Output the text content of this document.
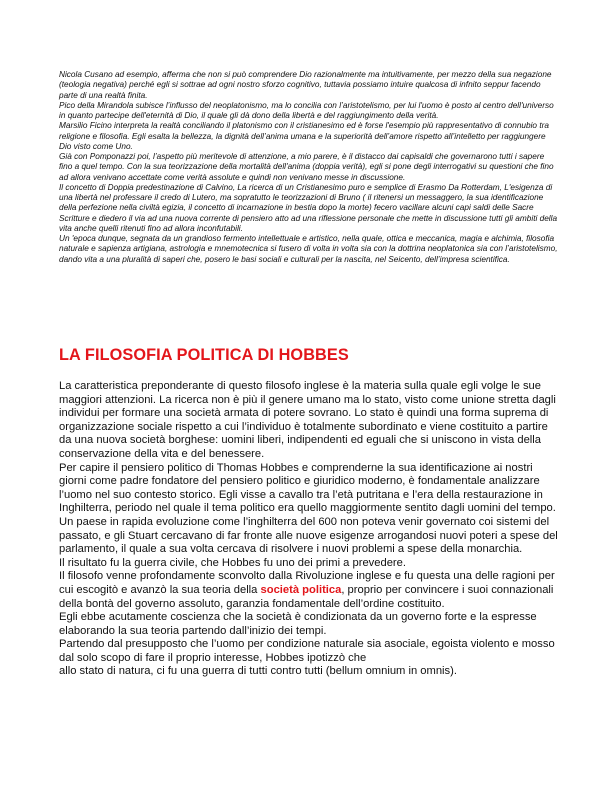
Nicola Cusano ad esempio, afferma che non si può comprendere Dio razionalmente ma intuitivamente, per mezzo della sua negazione (teologia negativa) perché egli si sottrae ad ogni nostro sforzo cognitivo, tuttavia possiamo intuire qualcosa di infnito seppur facendo parte di una realtà finita.

Pico della Mirandola subisce l’influsso del neoplatonismo, ma lo concilia con l’aristotelismo, per lui l'uomo è posto al centro dell'universo in quanto partecipe dell'eternità di Dio, il quale gli dà dono della libertà e del raggiungimento della verità.

Marsilio Ficino interpreta la realtà conciliando il platonismo con il cristianesimo ed è forse l'esempio più rappresentativo di connubio tra religione e filosofia. Egli esalta la bellezza, la dignità dell’anima umana e la superiorità dell’amore rispetto all’intelletto per raggiungere Dio visto come Uno.

Già con Pomponazzi poi, l’aspetto più meritevole di attenzione, a mio parere, è il distacco dai capisaldi che governarono tutti i sapere fino a quel tempo. Con la sua teorizzazione della mortalità dell'anima (doppia verità), egli si pone degli interrogativi su questioni che fino ad allora venivano accettate come verità assolute e quindi non venivano messe in discussione.

Il concetto di Doppia predestinazione di Calvino, La ricerca di un Cristianesimo puro e semplice di Erasmo Da Rotterdam, L'esigenza di una libertà nel professare il credo di Lutero, ma sopratutto le teorizzazioni di Bruno ( il ritenersi un messaggero, la sua identificazione della perfezione nella civiltà egizia, il concetto di incarnazione in bestia dopo la morte) fecero vacillare alcuni capi saldi delle Sacre Scritture e diedero il via ad una nuova corrente di pensiero atto ad una riflessione personale che mette in discussione tutti gli ambiti della vita anche quelli ritenuti fino ad allora inconfutabili.

Un 'epoca dunque, segnata da un grandioso fermento intellettuale e artistico, nella quale, ottica e meccanica, magia e alchimia, filosofia naturale e sapienza artigiana, astrologia e mnemotecnica si fusero di volta in volta sia con la dottrina neoplatonica sia con l’aristotelismo, dando vita a una pluralità di saperi che, posero le basi sociali e culturali per la nascita, nel Seicento, dell’impresa scientifica.

LA FILOSOFIA POLITICA DI HOBBES

La caratteristica preponderante di questo filosofo inglese è la materia sulla quale egli volge le sue maggiori attenzioni. La ricerca non è più il genere umano ma lo stato, visto come unione stretta dagli individui per formare una società armata di potere sovrano. Lo stato è quindi una forma suprema di organizzazione sociale rispetto a cui l’individuo è totalmente subordinato e viene costituito a partire da una nuova società borghese: uomini liberi, indipendenti ed eguali che si uniscono in vista della conservazione della vita e del benessere.

Per capire il pensiero politico di Thomas Hobbes e comprenderne la sua identificazione ai nostri giorni come padre fondatore del pensiero politico e giuridico moderno, è fondamentale analizzare l’uomo nel suo contesto storico. Egli visse a cavallo tra l’età putritana e l’era della restaurazione in Inghilterra, periodo nel quale il tema politico era quello maggiormente sentito dagli uomini del tempo.

Un paese in rapida evoluzione come l’inghilterra del 600 non poteva venir governato coi sistemi del passato, e gli Stuart cercavano di far fronte alle nuove esigenze arrogandosi nuovi poteri a spese del parlamento, il quale a sua volta cercava di risolvere i nuovi problemi a spese della monarchia.

Il risultato fu la guerra civile, che Hobbes fu uno dei primi a prevedere.

Il filosofo venne profondamente sconvolto dalla Rivoluzione inglese e fu questa una delle ragioni per cui escogitò e avanzò la sua teoria della società politica, proprio per convincere i suoi connazionali della bontà del governo assoluto, garanzia fondamentale dell’ordine costituito.

Egli ebbe acutamente coscienza che la società è condizionata da un governo forte e la espresse elaborando la sua teoria partendo dall’inizio dei tempi.

Partendo dal presupposto che l’uomo per condizione naturale sia asociale, egoista violento e mosso dal solo scopo di fare il proprio interesse, Hobbes ipotizzò che

allo stato di natura, ci fu una guerra di tutti contro tutti (bellum omnium in omnis).
